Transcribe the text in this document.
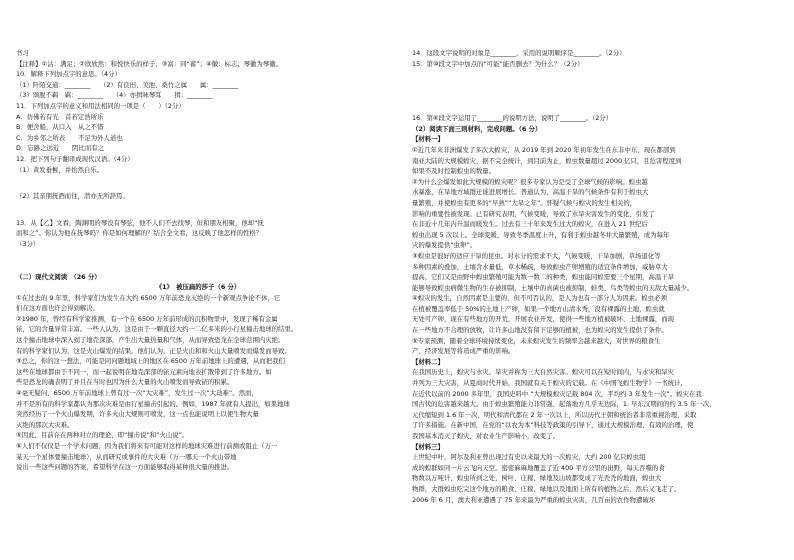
书习
【注释】①沾：满足；②欣欣然：和悦快乐的样子；③富：同“蓄”；④徽：标志；琴徽为琴徽。
10．解释下列加点字的意思。（4分）
（1）阡陌交通：________　　（2）有良田、美池、桑竹之属　　属：________
（3）颂脱不羁　羁：________　　（4）亦揖咏琴耳　　揖：________
11．下列加点字的意义和用法相同的一项是（　　）（2分）
A．仿佛若有光　首若定浩所乐
B．便舍船，从口入　从之不惜
C．为乡邻之所表　　不足为外人道也
D．忘路之远近　　阴比而有之
12．把下列句子翻译成现代汉语。（4分）
（1）黄发垂髫，并怡然自乐。
（2）其亲朋抚酒而往，潜亦无所辞焉。
13．从【乙】文看，陶渊明的琴没有琴弦，他不人们不去找琴，但和朋友相聚，他却“抚
而和之”。你认为他在抚琴吗？你是如何理解的？结合全文看，这反映了他怎样的性格？
（3分）
（二）现代文阅读　（26 分）
《1》　被压扁的莎子（6 分）
①在过去的 9 年里，科学家们为发生在大约 6500 万年前恐龙灭绝的一个新观点争论不休，它
们在这方面也许会得到解决。
②1980 年，曾经有科学家推测，有一个在 6500 万年前形成的沉积物里中，发现了稀有金属
铱，它的含量异常丰富。一些人认为，这是由于一颗直径大约一二亿多米的小行星撞击地球的结果。
这个撞击地球中深入到了地壳深部，产生出大量热量和气体，从而导致恐龙在全球范围内灭绝。
有的科学家们认为，这是火山爆发的结果。他们认为，正是火山和和火山大量喷发而爆发而导致。
③总之，你的这一想法，可能是同问题地域上的地区在 6500 万年前地球上的遭遇，从而把我们
这些在地球都由于不同一，而一起说明在地壳深部的铱元素向地表扩散带到了许多地方。如
些是恐龙的确表明了并且在当时也因为什么大量的火山喷发而导致铱的积累。
④毫无疑问，6500 万年前地球上曾有过一次“大灾难”，发生过一次“大劫难”。然而，
并不是所有的科学家都认为那次灾难是由行星撞击引起的。例如，1987 年就有人提出，如果地球
突然经历了一个火山爆发期，许多火山大规则可喷发，这一点也能说明上以使生物大量
灭绝的那次大灾难。
⑤因此，目前存在两种对立的理论，即“撞击说”和“火山说”。
⑥人们不仅仅是一个学术问题，因为我们将来有可能对这样的地球灾难进行前测或阻止（万一
某天一个星体要撞击地球），从而研究或事件的大灾难（万一哪天一个火山带地
说出一些这些问题的答案，希望科学在这一方面能够取得某种很大量的推进。
14．这段文字说明的对象是________，采用的说明顺序是________。（2分）
15．第⑩段文字中加点的“可能”能否删去？为什么？（2分）
16．第⑥段文字运用了________的说明方法，说明了________。（2分）
（2）阅读下面三则材料，完成问题。（6 分）
【材料一】
①近几年来非洲爆发了多次大蝗灾，从 2019 年到 2020 年初年发生在东非中东，现在都部到
南亚大陆的大规模蝗灾，据不完全统计，到目前为止，蝗虫数量超过 2000 亿只，且危害程度到
如果不及时控制蝗虫的数量。
②为什么会爆发如此大规模的蝗灾呢？很多专家认为是受了全球气候的影响。蝗虫越
水暴涨，在旱地方域群迁徙进展增长。普通认为，高温干旱的气候条件有利于蝗虫大
量繁殖，并使蝗虫有更多的“早熟”“大旱之年”。怀疑气候与蝗灾的发生相关的，
影响的重要性被发现。已有研究表明，气候变暖，导致了水旱灾害发生的变化，引发了
在非近十几年内升温而暖发生。过去有三十年来发生过大的蝗灾，在进入 21 世纪后
蝗虫出现 5 次以上。全球变暖，导致冬季温度上升，有利于蝗虫越冬并大量繁殖，成为每年
灾的爆发提供“虫卵”。
③蝗虫是很好的适应干旱的昆虫。对水分的需求不大，气候变暖、干旱加剧，草场退化等
多种因素的叠加，土壤含水量低，草木稀疏，导致蝗虫产卵增殖的适宜条件增加，威胁草大
提高，它们又是由野中蝗虫繁殖可能为数一数二的种类，蝗虫能同蝗需要三个星期，高温干旱
能够导致蝗虫病微生物的生存被抑制，土壤中的真菌也被抑制，蛙类、鸟类等蝗虫的天敌大量减少。
④蝗灾的发生，自然因素是主要的，但不可否认的，是人为也有一部分人为因素。蝗虫必须
在植被覆盖率低于 50%的土地上产卵，如果一个地方山清水秀，没有裸露的土地，蝗虫就
无处可产卵，现在有些地方的开荒，开展农业开发，使得一些地方植被破坏、土地裸露，而现
在一些地方不合理的放牧，让许多山地没有留下足够的植被，也为蝗灾的发生提供了条件。
⑤专家预测，随着全球环境持续变化，未来蝗灾发生的频率会越来越大，对世界的粮食生
产、经济发展等将造成严重的影响。
【材料二】
在我国历史上，蝗灾与水灾、旱灾并称为三大自然灾害。蝗灾可以在短时间内，与水灾和旱灾
并列为三大灾害，从夏商时代开始，我国就有关于蝗灾的记载。在《中国飞蝗生物学》一书统计，
在近代以前的 2000 多年里，我国史料中 “大规模蝗灾记载 804 次，平均约 3 年发生一次”。蝗灾在我
国古代的危害越来越大。由于蝗虫繁殖能力非常强、起落地方几乎无边际，1. 早东汉期间的约 3.5 年一次，
元代缩短到 1.6 年一次，明代和清代都在 2 年一次以上，所以历代王朝和统治者非常重视治理，采取
了许多措施。在新中国，在党的“以农为本”科技等政策的引导下，通过大规模治理、有效的治理，使
我国基本消灭了蝗灾，对农业生产影响小，改变了。
【材料三】
上世纪中叶，阿尔及利亚曾出现过有史以来最大的一次蝗灾，大约 200 亿只蝗虫组
成的蝗群如同一片云飞向天空。密密麻麻地覆盖了近 400 平方公里的田野，每天吞噬的食
物数以万吨计，蝗虫所到之处，树叶、庄稼、绿地及山坡都变成了光秃秃的地面，蝗虫大
物群，大群蝗虫吃完这个地方的粮食、庄稼、绿地以及地面上所有的植物之后，然后又飞走了。
2006 年 6 月，澳大利亚遭遇了 75 年来最为严重的蝗虫灾害，几百亩的农作物遭破坏
